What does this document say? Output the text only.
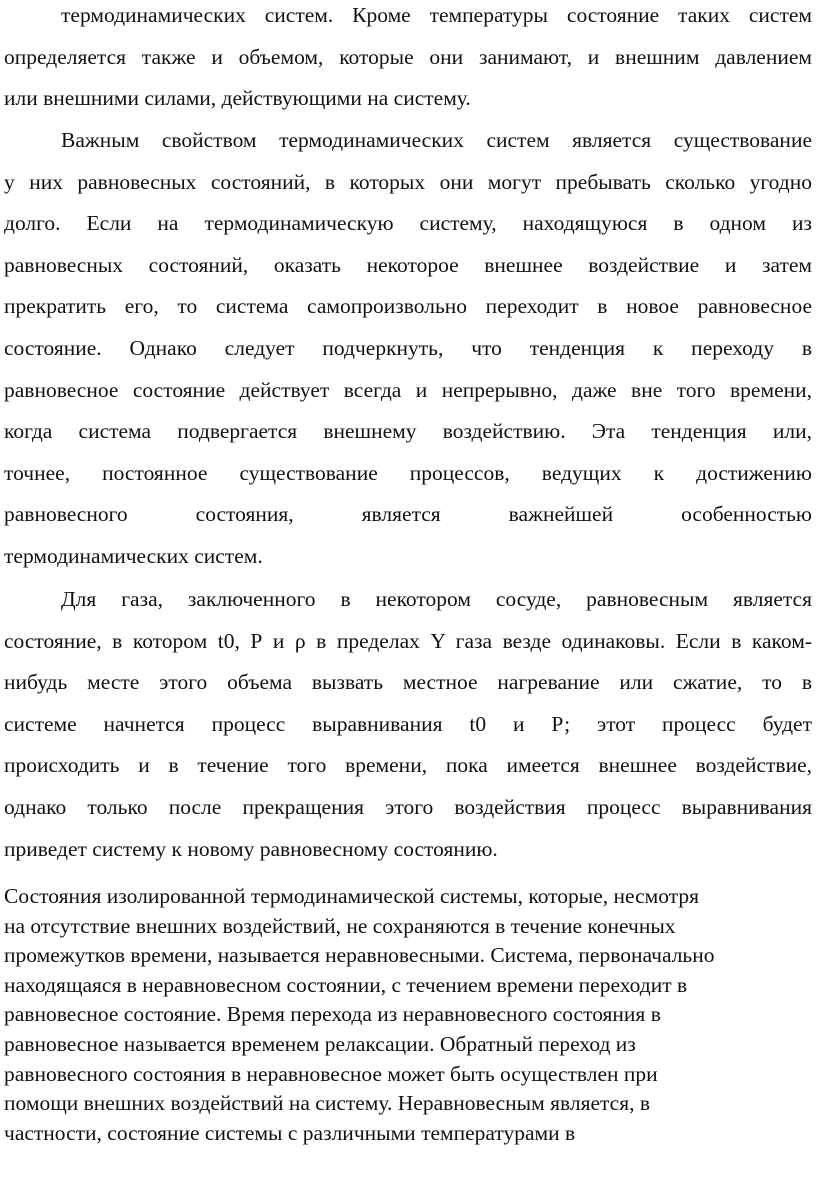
термодинамических систем. Кроме температуры состояние таких систем
определяется также и объемом, которые они занимают, и внешним давлением
или внешними силами, действующими на систему.
Важным свойством термодинамических систем является существование
у них равновесных состояний, в которых они могут пребывать сколько угодно
долго. Если на термодинамическую систему, находящуюся в одном из
равновесных состояний, оказать некоторое внешнее воздействие и затем
прекратить его, то система самопроизвольно переходит в новое равновесное
состояние. Однако следует подчеркнуть, что тенденция к переходу в
равновесное состояние действует всегда и непрерывно, даже вне того времени,
когда система подвергается внешнему воздействию. Эта тенденция или,
точнее, постоянное существование процессов, ведущих к достижению
равновесного состояния, является важнейшей особенностью
термодинамических систем.
Для газа, заключенного в некотором сосуде, равновесным является
состояние, в котором t0, Р и ρ в пределах Y газа везде одинаковы. Если в каком-
нибудь месте этого объема вызвать местное нагревание или сжатие, то в
системе начнется процесс выравнивания t0 и Р; этот процесс будет
происходить и в течение того времени, пока имеется внешнее воздействие,
однако только после прекращения этого воздействия процесс выравнивания
приведет систему к новому равновесному состоянию.
Состояния изолированной термодинамической системы, которые, несмотря
на отсутствие внешних воздействий, не сохраняются в течение конечных
промежутков времени, называется неравновесными. Система, первоначально
находящаяся в неравновесном состоянии, с течением времени переходит в
равновесное состояние. Время перехода из неравновесного состояния в
равновесное называется временем релаксации. Обратный переход из
равновесного состояния в неравновесное может быть осуществлен при
помощи внешних воздействий на систему. Неравновесным является, в
частности, состояние системы с различными температурами в
